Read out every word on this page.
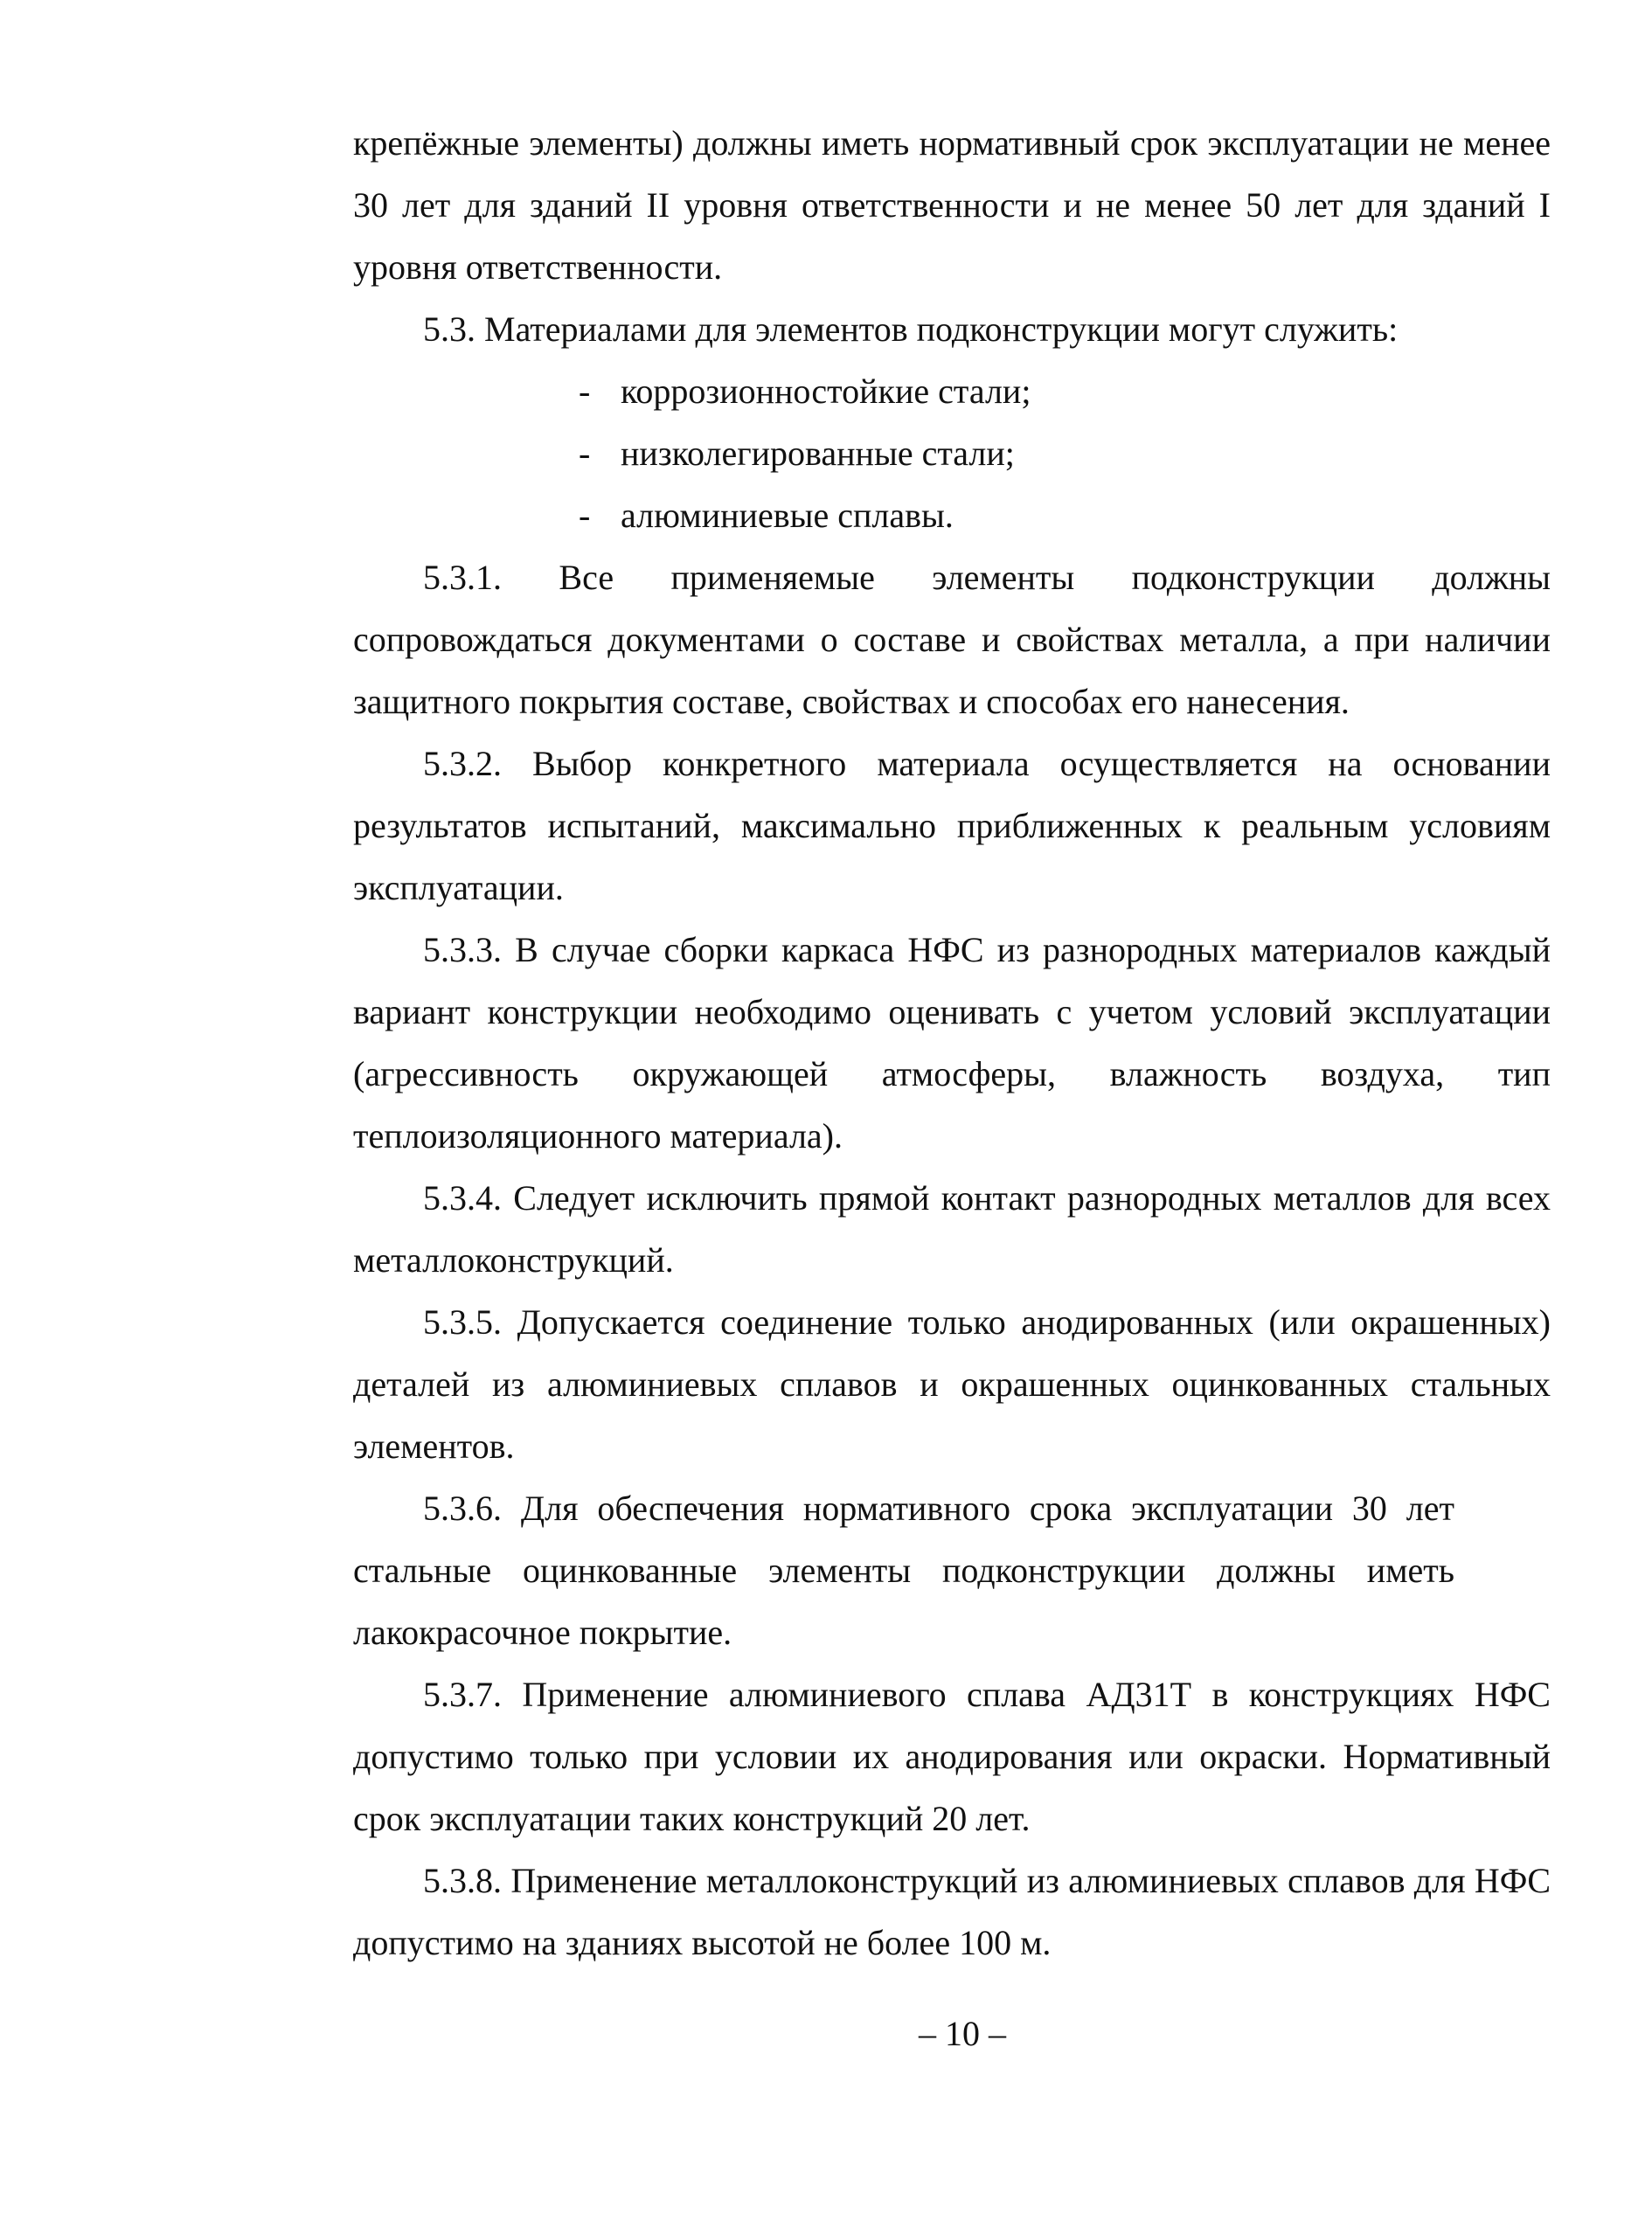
крепёжные элементы) должны иметь нормативный срок эксплуатации не менее 30 лет для зданий II уровня ответственности и не менее 50 лет для зданий I уровня ответственности.

5.3. Материалами для элементов подконструкции могут служить:

- коррозионностойкие стали;
- низколегированные стали;
- алюминиевые сплавы.

5.3.1. Все применяемые элементы подконструкции должны сопровождаться документами о составе и свойствах металла, а при наличии защитного покрытия составе, свойствах и способах его нанесения.

5.3.2. Выбор конкретного материала осуществляется на основании результатов испытаний, максимально приближенных к реальным условиям эксплуатации.

5.3.3. В случае сборки каркаса НФС из разнородных материалов каждый вариант конструкции необходимо оценивать с учетом условий эксплуатации (агрессивность окружающей атмосферы, влажность воздуха, тип теплоизоляционного материала).

5.3.4. Следует исключить прямой контакт разнородных металлов для всех металлоконструкций.

5.3.5. Допускается соединение только анодированных (или окрашенных) деталей из алюминиевых сплавов и окрашенных оцинкованных стальных элементов.

5.3.6. Для обеспечения нормативного срока эксплуатации 30 лет стальные оцинкованные элементы подконструкции должны иметь лакокрасочное покрытие.

5.3.7. Применение алюминиевого сплава АД31Т в конструкциях НФС допустимо только при условии их анодирования или окраски. Нормативный срок эксплуатации таких конструкций 20 лет.

5.3.8. Применение металлоконструкций из алюминиевых сплавов для НФС допустимо на зданиях высотой не более 100 м.

– 10 –
